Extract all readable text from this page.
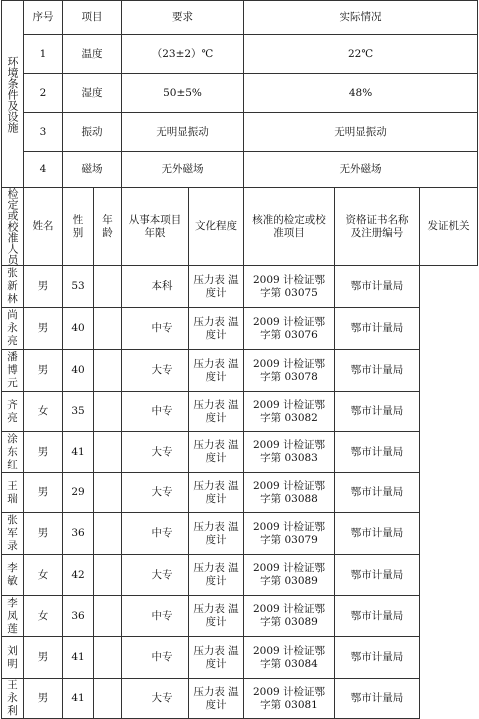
环境条件及设施	序号	项目		要求		实际情况	
	1	温度		（23±2）℃		22℃	
	2	湿度		50±5%		48%	
	3	振动		无明显振动		无明显振动	
	4	磁场		无外磁场		无外磁场	

检定或校准人员	姓名	性别	年龄	从事本项目年限	文化程度	核准的检定或校准项目	资格证书名称及注册编号	发证机关	

张新林	男	53		本科	压力表 温度计	2009 计检证鄂字第 03075	鄂市计量局		

尚永亮	男	40		中专	压力表 温度计	2009 计检证鄂字第 03076	鄂市计量局		

潘博元	男	40		大专	压力表 温度计	2009 计检证鄂字第 03078	鄂市计量局		

齐亮	女	35		中专	压力表 温度计	2009 计检证鄂字第 03082	鄂市计量局		

涂东红	男	41		大专	压力表 温度计	2009 计检证鄂字第 03083	鄂市计量局		

王瑞	男	29		大专	压力表 温度计	2009 计检证鄂字第 03088	鄂市计量局		

张军录	男	36		中专	压力表 温度计	2009 计检证鄂字第 03079	鄂市计量局		

李敏	女	42		大专	压力表 温度计	2009 计检证鄂字第 03089	鄂市计量局		

李凤莲	女	36		中专	压力表 温度计	2009 计检证鄂字第 03089	鄂市计量局		

刘明	男	41		中专	压力表 温度计	2009 计检证鄂字第 03084	鄂市计量局		

王永利	男	41		大专	压力表 温度计	2009 计检证鄂字第 03081	鄂市计量局		
